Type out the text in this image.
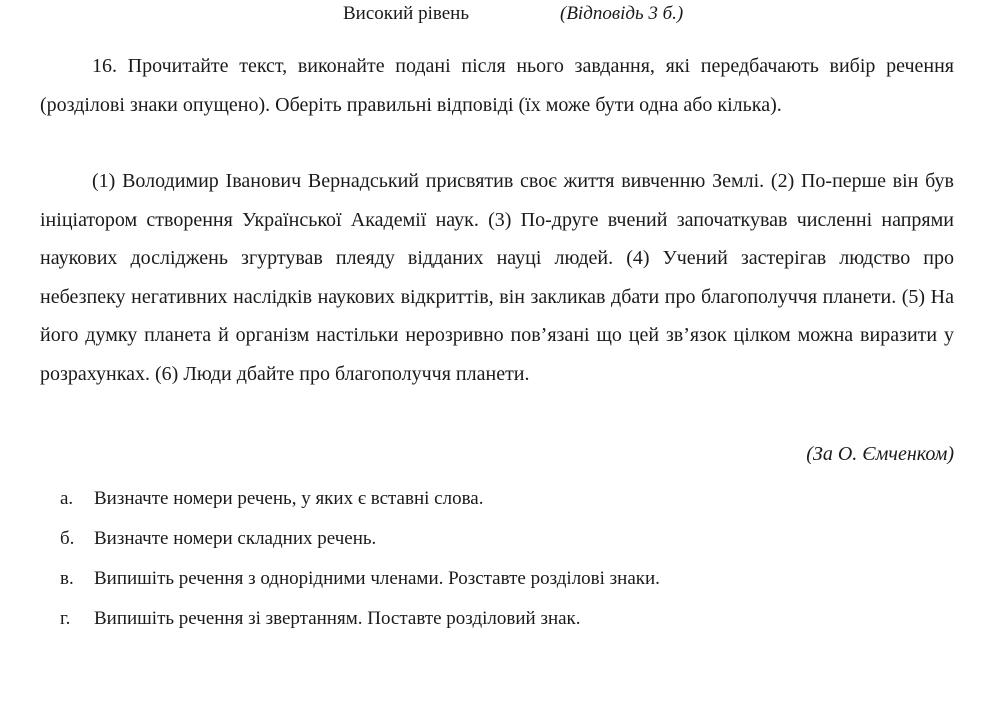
Високий рівень	(Відповідь 3 б.)

16. Прочитайте текст, виконайте подані після нього завдання, які передбачають вибір речення (розділові знаки опущено). Оберіть правильні відповіді (їх може бути одна або кілька).

(1) Володимир Іванович Вернадський присвятив своє життя вивченню Землі. (2) По-перше він був ініціатором створення Української Академії наук. (3) По-друге вчений започаткував численні напрями наукових досліджень згуртував плеяду відданих науці людей. (4) Учений застерігав людство про небезпеку негативних наслідків наукових відкриттів, він закликав дбати про благополуччя планети. (5) На його думку планета й організм настільки нерозривно пов’язані що цей зв’язок цілком можна виразити у розрахунках. (6) Люди дбайте про благополуччя планети.

(За О. Ємченком)
а. Визначте номери речень, у яких є вставні слова.
б. Визначте номери складних речень.
в. Випишіть речення з однорідними членами. Розставте розділові знаки.
г. Випишіть речення зі звертанням. Поставте розділовий знак.
